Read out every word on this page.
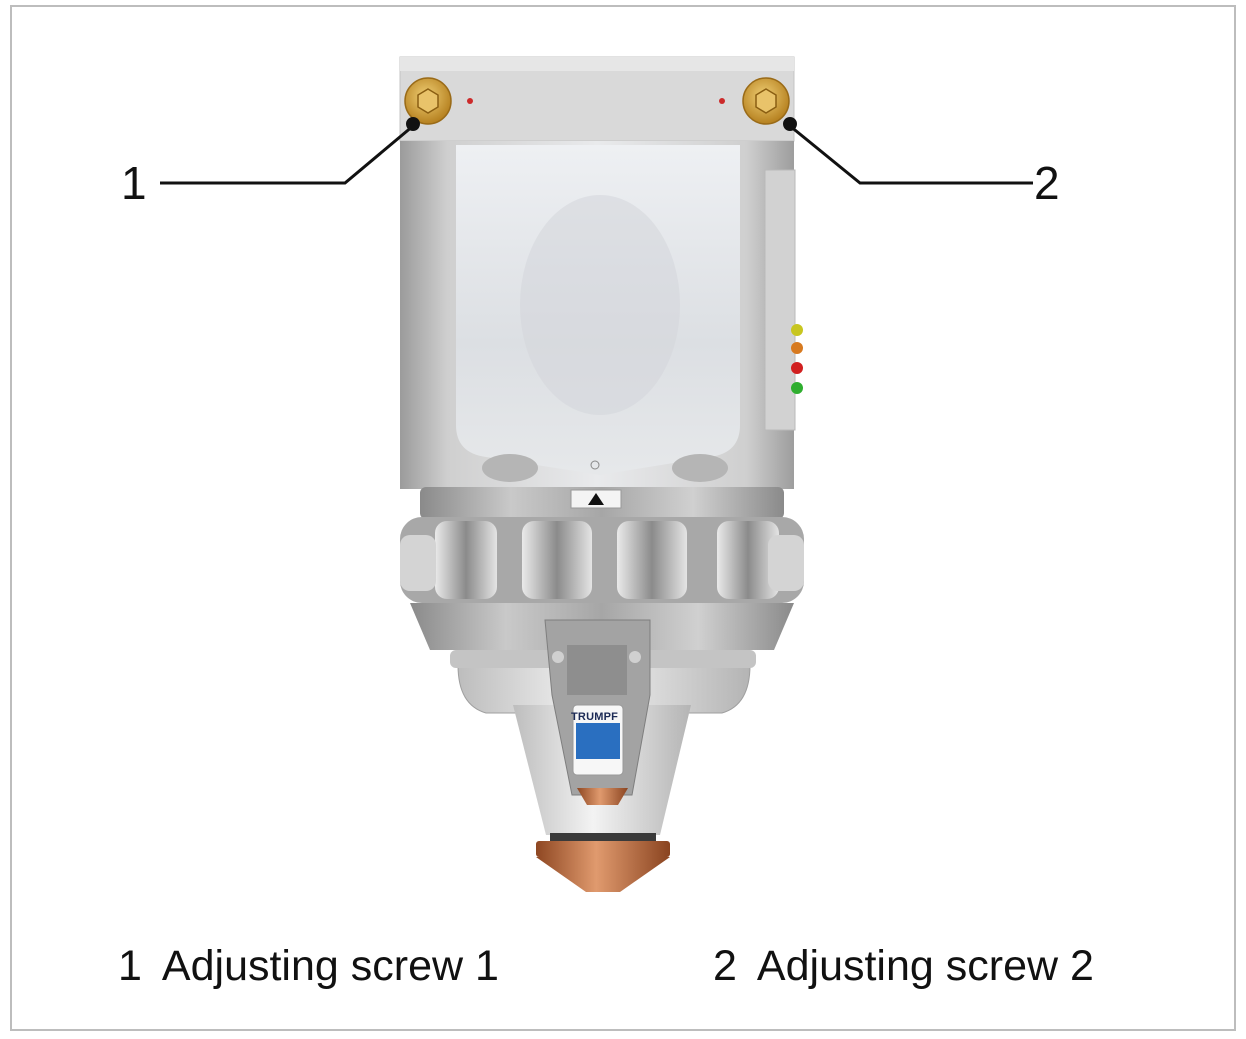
TRUMPF
1	2
1 Adjusting screw 1	2 Adjusting screw 2
